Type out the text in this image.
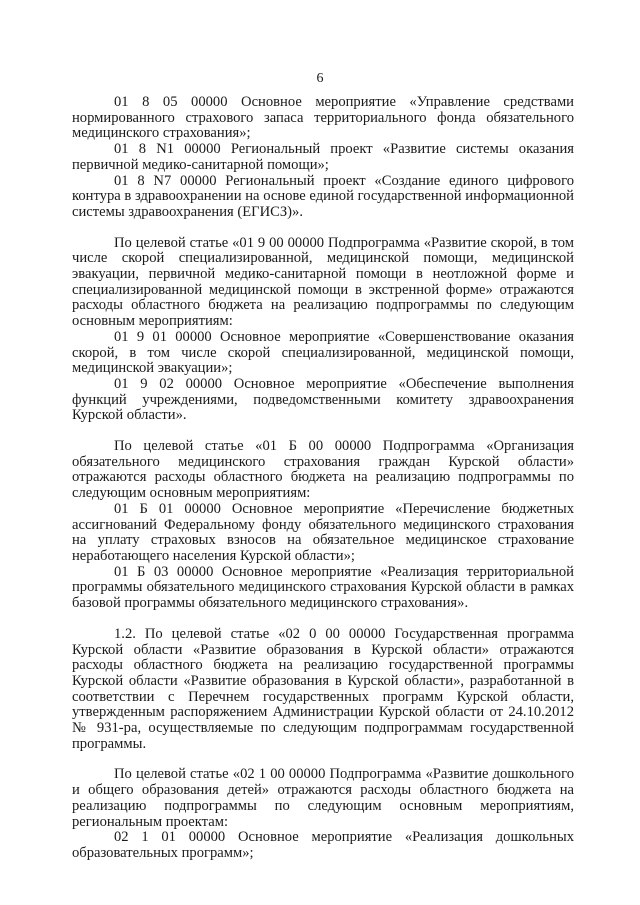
6

01 8 05 00000 Основное мероприятие «Управление средствами нормированного страхового запаса территориального фонда обязательного медицинского страхования»;

01 8 N1 00000 Региональный проект «Развитие системы оказания первичной медико-санитарной помощи»;

01 8 N7 00000 Региональный проект «Создание единого цифрового контура в здравоохранении на основе единой государственной информационной системы здравоохранения (ЕГИСЗ)».

По целевой статье «01 9 00 00000 Подпрограмма «Развитие скорой, в том числе скорой специализированной, медицинской помощи, медицинской эвакуации, первичной медико-санитарной помощи в неотложной форме и специализированной медицинской помощи в экстренной форме» отражаются расходы областного бюджета на реализацию подпрограммы по следующим основным мероприятиям:

01 9 01 00000 Основное мероприятие «Совершенствование оказания скорой, в том числе скорой специализированной, медицинской помощи, медицинской эвакуации»;

01 9 02 00000 Основное мероприятие «Обеспечение выполнения функций учреждениями, подведомственными комитету здравоохранения Курской области».

По целевой статье «01 Б 00 00000 Подпрограмма «Организация обязательного медицинского страхования граждан Курской области» отражаются расходы областного бюджета на реализацию подпрограммы по следующим основным мероприятиям:

01 Б 01 00000 Основное мероприятие «Перечисление бюджетных ассигнований Федеральному фонду обязательного медицинского страхования на уплату страховых взносов на обязательное медицинское страхование неработающего населения Курской области»;

01 Б 03 00000 Основное мероприятие «Реализация территориальной программы обязательного медицинского страхования Курской области в рамках базовой программы обязательного медицинского страхования».

1.2. По целевой статье «02 0 00 00000 Государственная программа Курской области «Развитие образования в Курской области» отражаются расходы областного бюджета на реализацию государственной программы Курской области «Развитие образования в Курской области», разработанной в соответствии с Перечнем государственных программ Курской области, утвержденным распоряжением Администрации Курской области от 24.10.2012 № 931-ра, осуществляемые по следующим подпрограммам государственной программы.

По целевой статье «02 1 00 00000 Подпрограмма «Развитие дошкольного и общего образования детей» отражаются расходы областного бюджета на реализацию подпрограммы по следующим основным мероприятиям, региональным проектам:

02 1 01 00000 Основное мероприятие «Реализация дошкольных образовательных программ»;
